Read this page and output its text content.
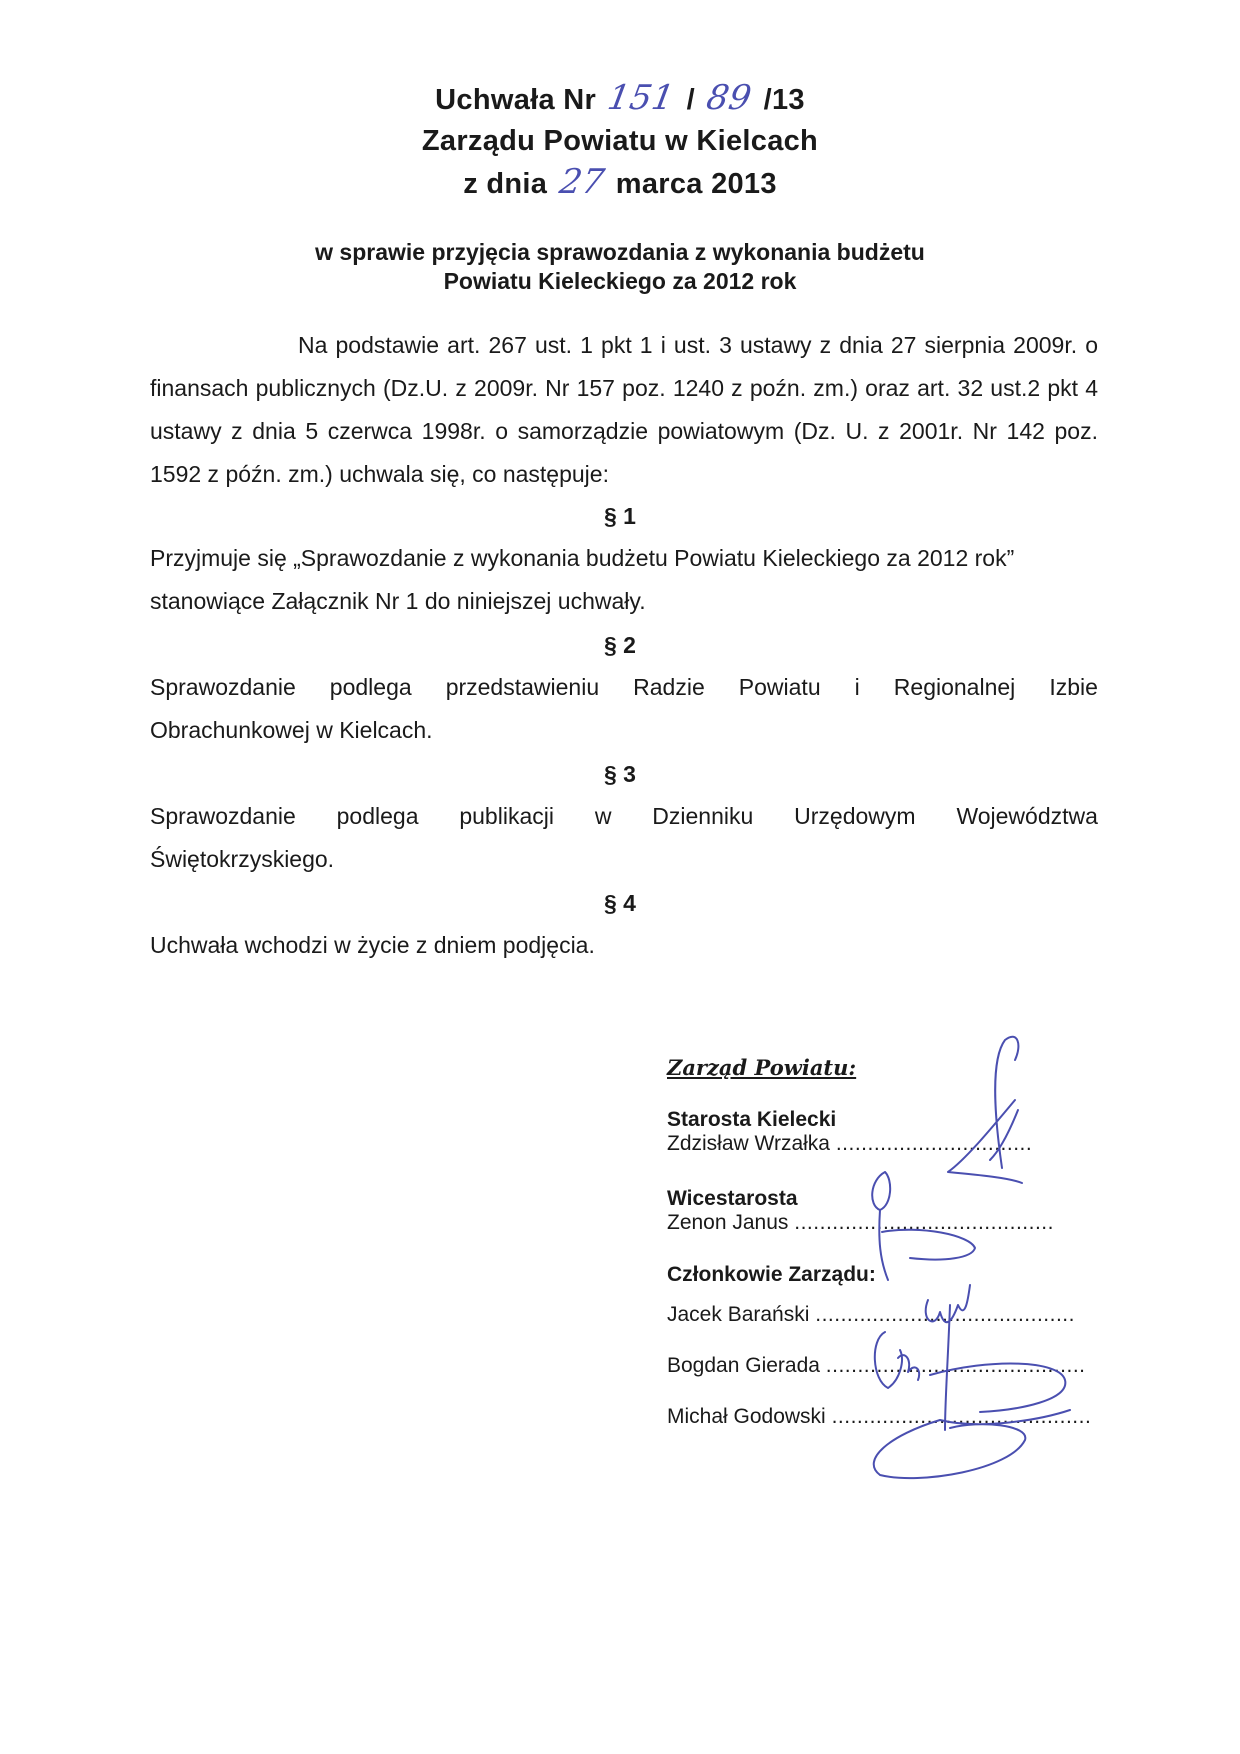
Uchwała Nr 151 / 89 /13
Zarządu Powiatu w Kielcach
z dnia 27 marca 2013
w sprawie przyjęcia sprawozdania z wykonania budżetu
Powiatu Kieleckiego za 2012 rok
Na podstawie art. 267 ust. 1 pkt 1 i ust. 3 ustawy z dnia 27 sierpnia 2009r. o finansach publicznych (Dz.U. z 2009r. Nr 157 poz. 1240 z poźn. zm.) oraz art. 32 ust.2 pkt 4 ustawy z dnia 5 czerwca 1998r. o samorządzie powiatowym (Dz. U. z 2001r. Nr 142 poz. 1592 z późn. zm.) uchwala się, co następuje:
§ 1
Przyjmuje się „Sprawozdanie z wykonania budżetu Powiatu Kieleckiego za 2012 rok”
stanowiące Załącznik Nr 1 do niniejszej uchwały.
§ 2
Sprawozdanie podlega przedstawieniu Radzie Powiatu i Regionalnej Izbie
Obrachunkowej w Kielcach.
§ 3
Sprawozdanie podlega publikacji w Dzienniku Urzędowym Województwa
Świętokrzyskiego.
§ 4
Uchwała wchodzi w życie z dniem podjęcia.
Zarząd Powiatu:
Starosta Kielecki
Zdzisław Wrzałka ...............................
Wicestarosta
Zenon Janus .........................................
Członkowie Zarządu:
Jacek Barański .........................................
Bogdan Gierada .........................................
Michał Godowski .........................................
